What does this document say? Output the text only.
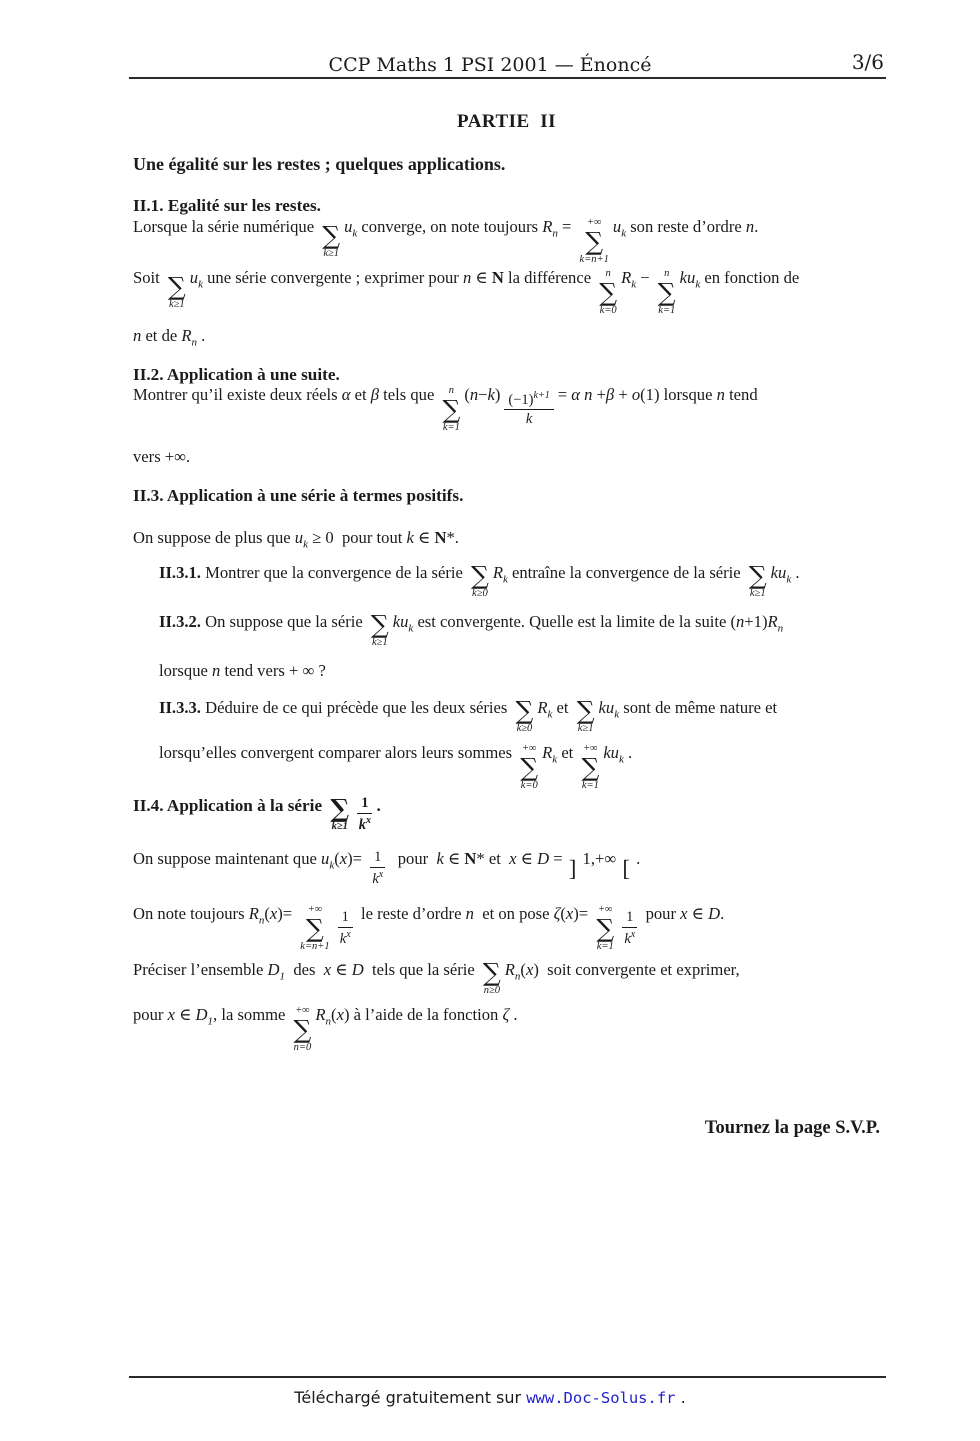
CCP Maths 1 PSI 2001 — Énoncé	3/6
PARTIE  II
Une égalité sur les restes ; quelques applications.
II.1. Egalité sur les restes.
Lorsque la série numérique ∑
k≥1
$u_k$ converge, on note toujours $R_n$ = +∞
∑
k=n+1
$u_k$ son reste d’ordre n .
Soit ∑
k≥1
$u_k$ une série convergente ; exprimer pour n ∈ N la différence n
∑
k=0
$R_k - n$
∑
k=1
$ku_k$ en fonction de
n et de $R_n$ .
II.2. Application à une suite.
Montrer qu’il existe deux réels α et β tels que n
∑
k=1
( n − k ) $\frac{(-1)^{k+1}}{k} = \alpha$
n + β + o (1) lorsque n tend
vers +∞.
II.3. Application à une série à termes positifs.
On suppose de plus que $u_k \ge 0$  pour tout k ∈ N *.
II.3.1. Montrer que la convergence de la série ∑
k≥0
$R_k$ entraîne la convergence de la série ∑
k≥1
$ku_k$ .
II.3.2. On suppose que la série ∑
k≥1
$ku_k$ est convergente. Quelle est la limite de la suite ( n +1) $R_n$
lorsque n tend vers + ∞ ?
II.3.3. Déduire de ce qui précède que les deux séries ∑
k≥0
$R_k$ et ∑
k≥1
$ku_k$ sont de même nature et
lorsqu’elles convergent comparer alors leurs sommes +∞
∑
k=0
$R_k$ et +∞
∑
k=1
$ku_k$ .
II.4. Application à la série ∑
$k\ge 1 \frac{1}{k^x}$ .
On suppose maintenant que $u_k$ ( x )= $\frac{1}{k^x}$ pour k ∈ N * et x ∈ D = ] 1,+∞ [ .
On note toujours $R_n$ ( x )= +∞
∑
$k=n+1 \frac{1}{k^x}$ le reste d’ordre n et on pose ζ ( x )= +∞
∑
$k=1 \frac{1}{k^x}$ pour x ∈ D .
Préciser l’ensemble $D_1$ des x ∈ D tels que la série ∑
n≥0
$R_n$ ( x )  soit convergente et exprimer,
pour x ∈ $D_1$ , la somme +∞
∑
n=0
$R_n$ ( x ) à l’aide de la fonction ζ .
Tournez la page S.V.P.
Téléchargé gratuitement sur www.Doc-Solus.fr .
